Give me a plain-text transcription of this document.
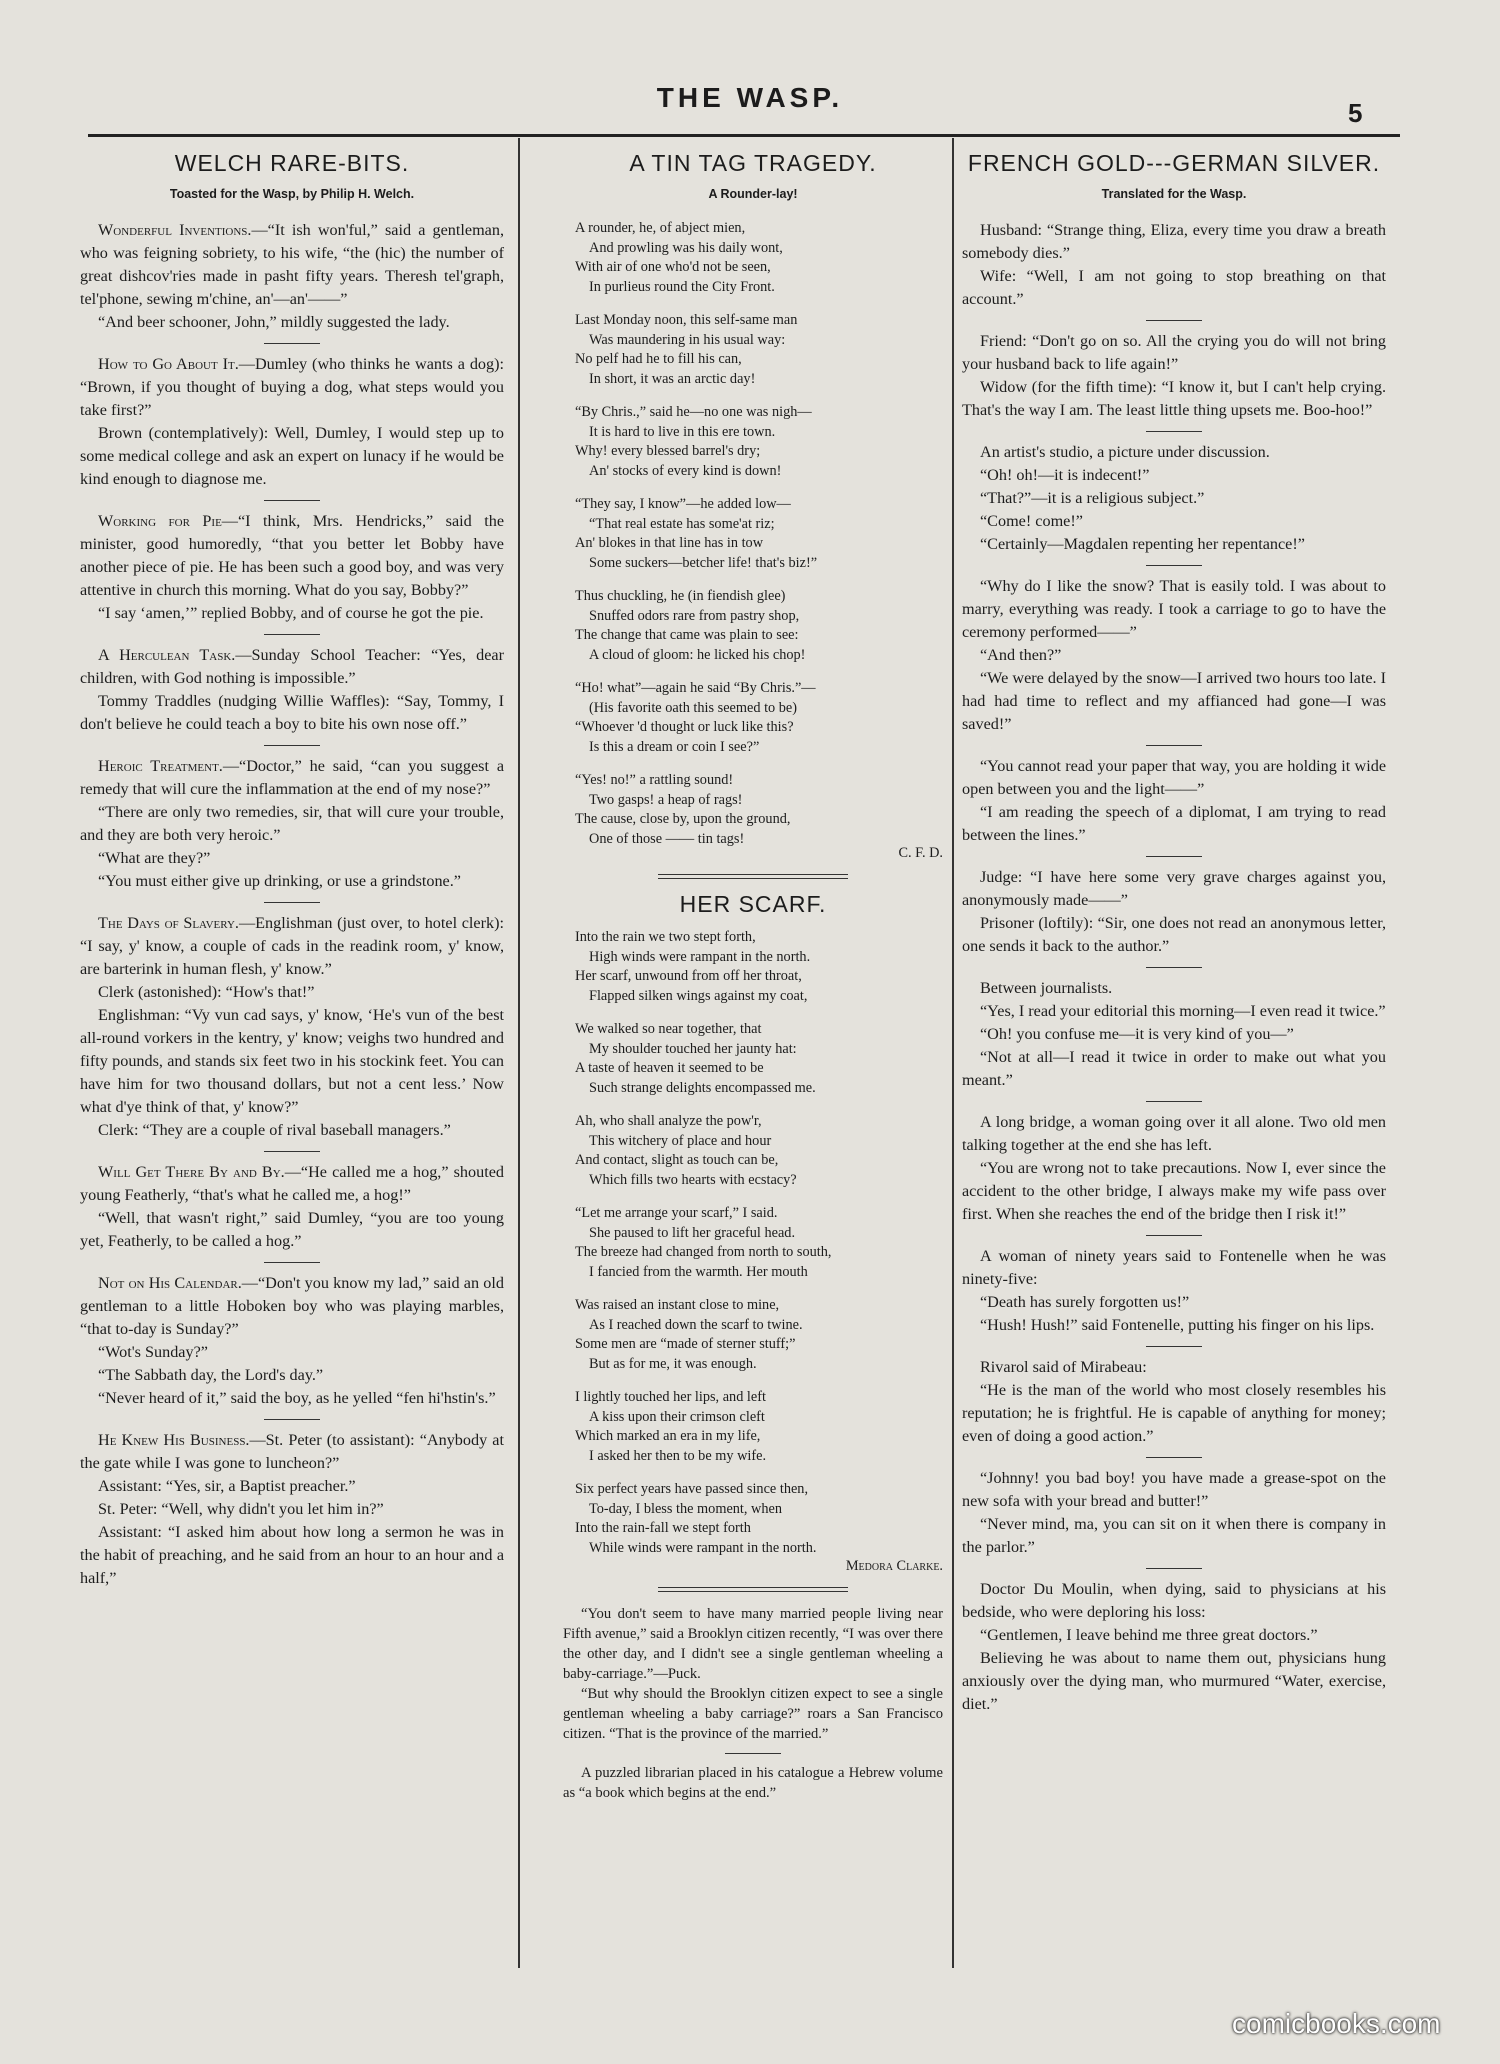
THE WASP.	5
WELCH RARE-BITS.
Toasted for the Wasp, by Philip H. Welch.

Wonderful Inventions.—“It ish won'ful,” said a gentleman, who was feigning sobriety, to his wife, “the (hic) the number of great dishcov'ries made in pasht fifty years. Theresh tel'graph, tel'phone, sewing m'chine, an'—an'——”

“And beer schooner, John,” mildly suggested the lady.

How to Go About It.—Dumley (who thinks he wants a dog): “Brown, if you thought of buying a dog, what steps would you take first?”

Brown (contemplatively): Well, Dumley, I would step up to some medical college and ask an expert on lunacy if he would be kind enough to diagnose me.

Working for Pie—“I think, Mrs. Hendricks,” said the minister, good humoredly, “that you better let Bobby have another piece of pie. He has been such a good boy, and was very attentive in church this morning. What do you say, Bobby?”

“I say ‘amen,’” replied Bobby, and of course he got the pie.

A Herculean Task.—Sunday School Teacher: “Yes, dear children, with God nothing is impossible.”

Tommy Traddles (nudging Willie Waffles): “Say, Tommy, I don't believe he could teach a boy to bite his own nose off.”

Heroic Treatment.—“Doctor,” he said, “can you suggest a remedy that will cure the inflammation at the end of my nose?”

“There are only two remedies, sir, that will cure your trouble, and they are both very heroic.”

“What are they?”

“You must either give up drinking, or use a grindstone.”

The Days of Slavery.—Englishman (just over, to hotel clerk): “I say, y' know, a couple of cads in the readink room, y' know, are barterink in human flesh, y' know.”

Clerk (astonished): “How's that!”

Englishman: “Vy vun cad says, y' know, ‘He's vun of the best all-round vorkers in the kentry, y' know; veighs two hundred and fifty pounds, and stands six feet two in his stockink feet. You can have him for two thousand dollars, but not a cent less.’ Now what d'ye think of that, y' know?”

Clerk: “They are a couple of rival baseball managers.”

Will Get There By and By.—“He called me a hog,” shouted young Featherly, “that's what he called me, a hog!”

“Well, that wasn't right,” said Dumley, “you are too young yet, Featherly, to be called a hog.”

Not on His Calendar.—“Don't you know my lad,” said an old gentleman to a little Hoboken boy who was playing marbles, “that to-day is Sunday?”

“Wot's Sunday?”

“The Sabbath day, the Lord's day.”

“Never heard of it,” said the boy, as he yelled “fen hi'hstin's.”

He Knew His Business.—St. Peter (to assistant): “Anybody at the gate while I was gone to luncheon?”

Assistant: “Yes, sir, a Baptist preacher.”

St. Peter: “Well, why didn't you let him in?”

Assistant: “I asked him about how long a sermon he was in the habit of preaching, and he said from an hour to an hour and a half,”

A TIN TAG TRAGEDY.
A Rounder-lay!
A rounder, he, of abject mien,
And prowling was his daily wont,
With air of one who'd not be seen,
In purlieus round the City Front.
Last Monday noon, this self-same man
Was maundering in his usual way:
No pelf had he to fill his can,
In short, it was an arctic day!
“By Chris.,” said he—no one was nigh—
It is hard to live in this ere town.
Why! every blessed barrel's dry;
An' stocks of every kind is down!
“They say, I know”—he added low—
“That real estate has some'at riz;
An' blokes in that line has in tow
Some suckers—betcher life! that's biz!”
Thus chuckling, he (in fiendish glee)
Snuffed odors rare from pastry shop,
The change that came was plain to see:
A cloud of gloom: he licked his chop!
“Ho! what”—again he said “By Chris.”—
(His favorite oath this seemed to be)
“Whoever 'd thought or luck like this?
Is this a dream or coin I see?”
“Yes! no!” a rattling sound!
Two gasps! a heap of rags!
The cause, close by, upon the ground,
One of those —— tin tags!
C. F. D.
HER SCARF.
Into the rain we two stept forth,
High winds were rampant in the north.
Her scarf, unwound from off her throat,
Flapped silken wings against my coat,
We walked so near together, that
My shoulder touched her jaunty hat:
A taste of heaven it seemed to be
Such strange delights encompassed me.
Ah, who shall analyze the pow'r,
This witchery of place and hour
And contact, slight as touch can be,
Which fills two hearts with ecstacy?
“Let me arrange your scarf,” I said.
She paused to lift her graceful head.
The breeze had changed from north to south,
I fancied from the warmth. Her mouth
Was raised an instant close to mine,
As I reached down the scarf to twine.
Some men are “made of sterner stuff;”
But as for me, it was enough.
I lightly touched her lips, and left
A kiss upon their crimson cleft
Which marked an era in my life,
I asked her then to be my wife.
Six perfect years have passed since then,
To-day, I bless the moment, when
Into the rain-fall we stept forth
While winds were rampant in the north.
Medora Clarke.

“You don't seem to have many married people living near Fifth avenue,” said a Brooklyn citizen recently, “I was over there the other day, and I didn't see a single gentleman wheeling a baby-carriage.”—Puck.

“But why should the Brooklyn citizen expect to see a single gentleman wheeling a baby carriage?” roars a San Francisco citizen. “That is the province of the married.”

A puzzled librarian placed in his catalogue a Hebrew volume as “a book which begins at the end.”

FRENCH GOLD---GERMAN SILVER.
Translated for the Wasp.

Husband: “Strange thing, Eliza, every time you draw a breath somebody dies.”

Wife: “Well, I am not going to stop breathing on that account.”

Friend: “Don't go on so. All the crying you do will not bring your husband back to life again!”

Widow (for the fifth time): “I know it, but I can't help crying. That's the way I am. The least little thing upsets me. Boo-hoo!”

An artist's studio, a picture under discussion.

“Oh! oh!—it is indecent!”

“That?”—it is a religious subject.”

“Come! come!”

“Certainly—Magdalen repenting her repentance!”

“Why do I like the snow? That is easily told. I was about to marry, everything was ready. I took a carriage to go to have the ceremony performed——”

“And then?”

“We were delayed by the snow—I arrived two hours too late. I had had time to reflect and my affianced had gone—I was saved!”

“You cannot read your paper that way, you are holding it wide open between you and the light——”

“I am reading the speech of a diplomat, I am trying to read between the lines.”

Judge: “I have here some very grave charges against you, anonymously made——”

Prisoner (loftily): “Sir, one does not read an anonymous letter, one sends it back to the author.”

Between journalists.

“Yes, I read your editorial this morning—I even read it twice.”

“Oh! you confuse me—it is very kind of you—”

“Not at all—I read it twice in order to make out what you meant.”

A long bridge, a woman going over it all alone. Two old men talking together at the end she has left.

“You are wrong not to take precautions. Now I, ever since the accident to the other bridge, I always make my wife pass over first. When she reaches the end of the bridge then I risk it!”

A woman of ninety years said to Fontenelle when he was ninety-five:

“Death has surely forgotten us!”

“Hush! Hush!” said Fontenelle, putting his finger on his lips.

Rivarol said of Mirabeau:

“He is the man of the world who most closely resembles his reputation; he is frightful. He is capable of anything for money; even of doing a good action.”

“Johnny! you bad boy! you have made a grease-spot on the new sofa with your bread and butter!”

“Never mind, ma, you can sit on it when there is company in the parlor.”

Doctor Du Moulin, when dying, said to physicians at his bedside, who were deploring his loss:

“Gentlemen, I leave behind me three great doctors.”

Believing he was about to name them out, physicians hung anxiously over the dying man, who murmured “Water, exercise, diet.”

comicbooks.com
